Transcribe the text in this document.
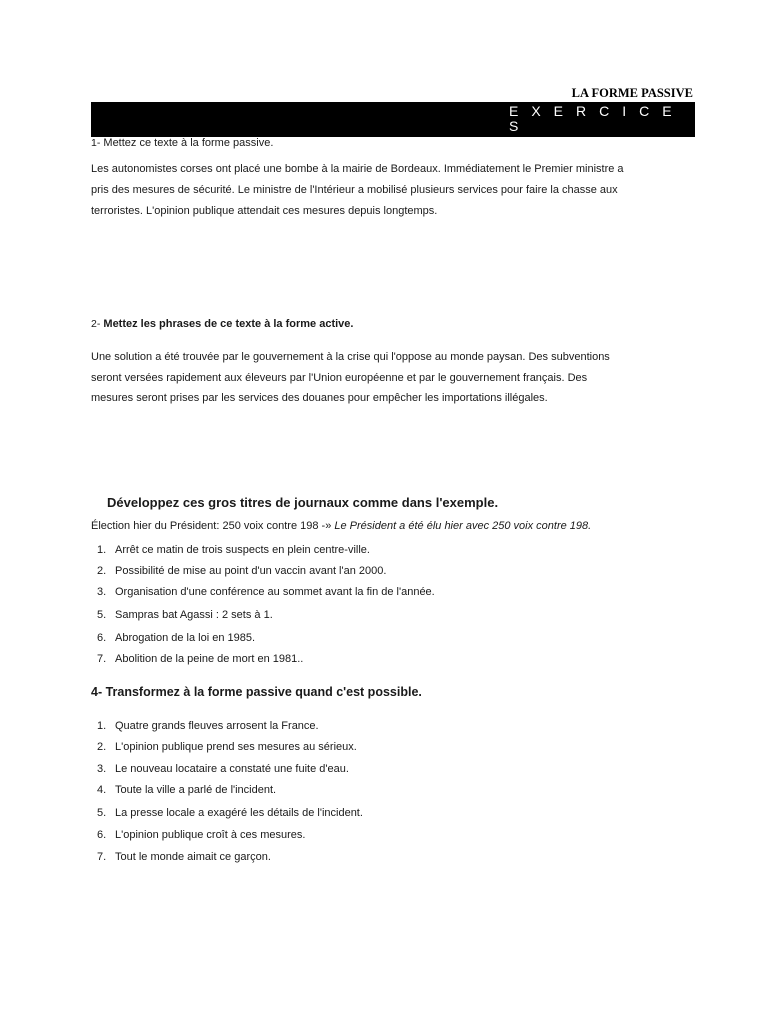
LA FORME PASSIVE
EXERCICES
1- Mettez ce texte à la forme passive.
Les autonomistes corses ont placé une bombe à la mairie de Bordeaux. Immédiatement le Premier ministre a
pris des mesures de sécurité. Le ministre de l'Intérieur a mobilisé plusieurs services pour faire la chasse aux
terroristes. L'opinion publique attendait ces mesures depuis longtemps.
2- Mettez les phrases de ce texte à la forme active.
Une solution a été trouvée par le gouvernement à la crise qui l'oppose au monde paysan. Des subventions
seront versées rapidement aux éleveurs par l'Union européenne et par le gouvernement français. Des
mesures seront prises par les services des douanes pour empêcher les importations illégales.
Développez ces gros titres de journaux comme dans l'exemple.
Élection hier du Président: 250 voix contre 198 -» Le Président a été élu hier avec 250 voix contre 198.
1. Arrêt ce matin de trois suspects en plein centre-ville.
2. Possibilité de mise au point d'un vaccin avant l'an 2000.
3. Organisation d'une conférence au sommet avant la fin de l'année.
5. Sampras bat Agassi : 2 sets à 1.
6. Abrogation de la loi en 1985.
7. Abolition de la peine de mort en 1981..
4- Transformez à la forme passive quand c'est possible.
1. Quatre grands fleuves arrosent la France.
2. L'opinion publique prend ses mesures au sérieux.
3. Le nouveau locataire a constaté une fuite d'eau.
4. Toute la ville a parlé de l'incident.
5. La presse locale a exagéré les détails de l'incident.
6. L'opinion publique croît à ces mesures.
7. Tout le monde aimait ce garçon.
